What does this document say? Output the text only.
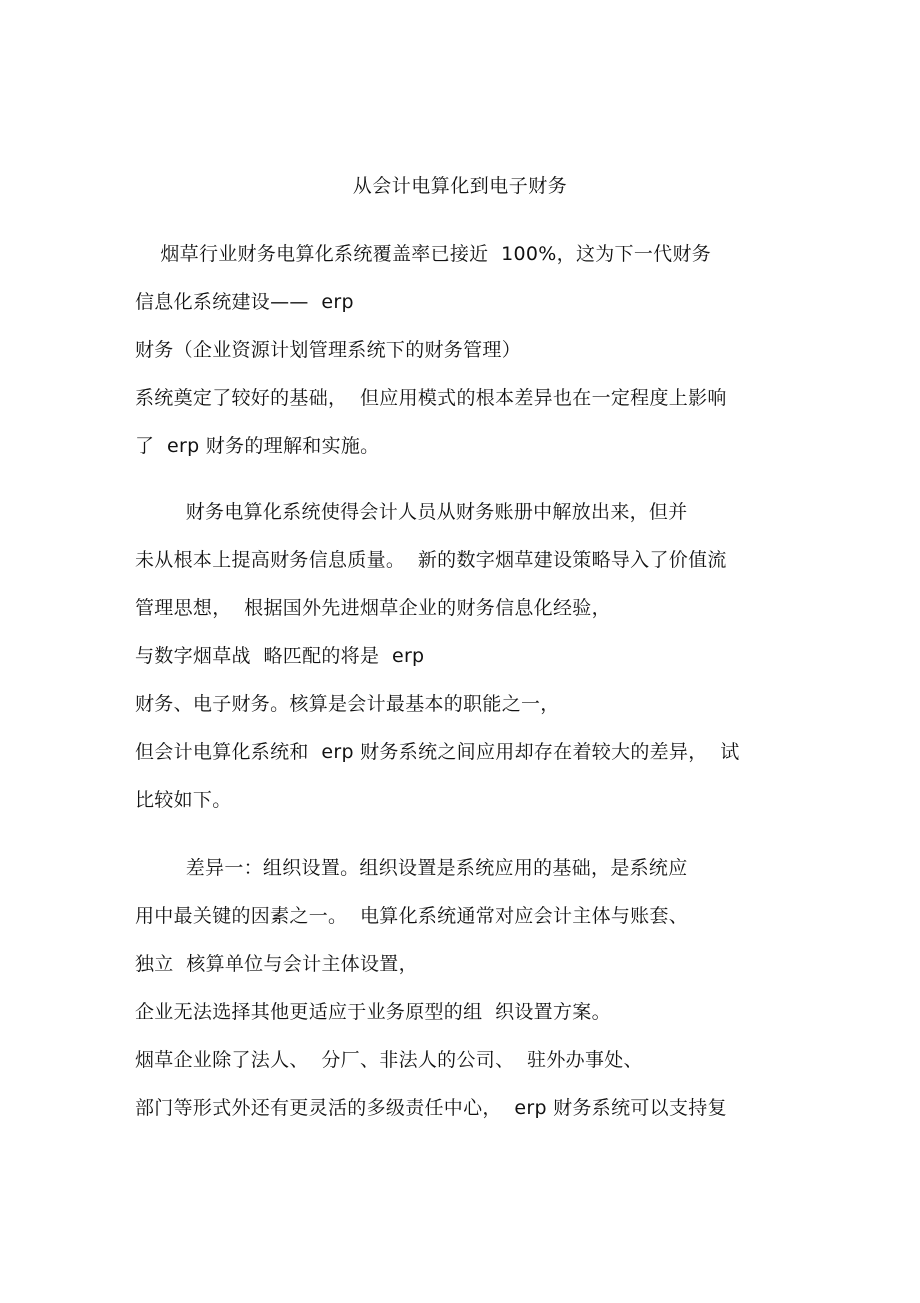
从会计电算化到电子财务
烟草行业财务电算化系统覆盖率已接近  100%，这为下一代财务
信息化系统建设——  erp
财务（企业资源计划管理系统下的财务管理）
系统奠定了较好的基础，  但应用模式的根本差异也在一定程度上影响
了  erp 财务的理解和实施。
财务电算化系统使得会计人员从财务账册中解放出来，但并
未从根本上提高财务信息质量。  新的数字烟草建设策略导入了价值流
管理思想，  根据国外先进烟草企业的财务信息化经验，
与数字烟草战  略匹配的将是  erp
财务、电子财务。核算是会计最基本的职能之一，
但会计电算化系统和  erp 财务系统之间应用却存在着较大的差异，  试
比较如下。
差异一：组织设置。组织设置是系统应用的基础，是系统应
用中最关键的因素之一。  电算化系统通常对应会计主体与账套、
独立  核算单位与会计主体设置，
企业无法选择其他更适应于业务原型的组  织设置方案。
烟草企业除了法人、  分厂、非法人的公司、  驻外办事处、
部门等形式外还有更灵活的多级责任中心，  erp 财务系统可以支持复
